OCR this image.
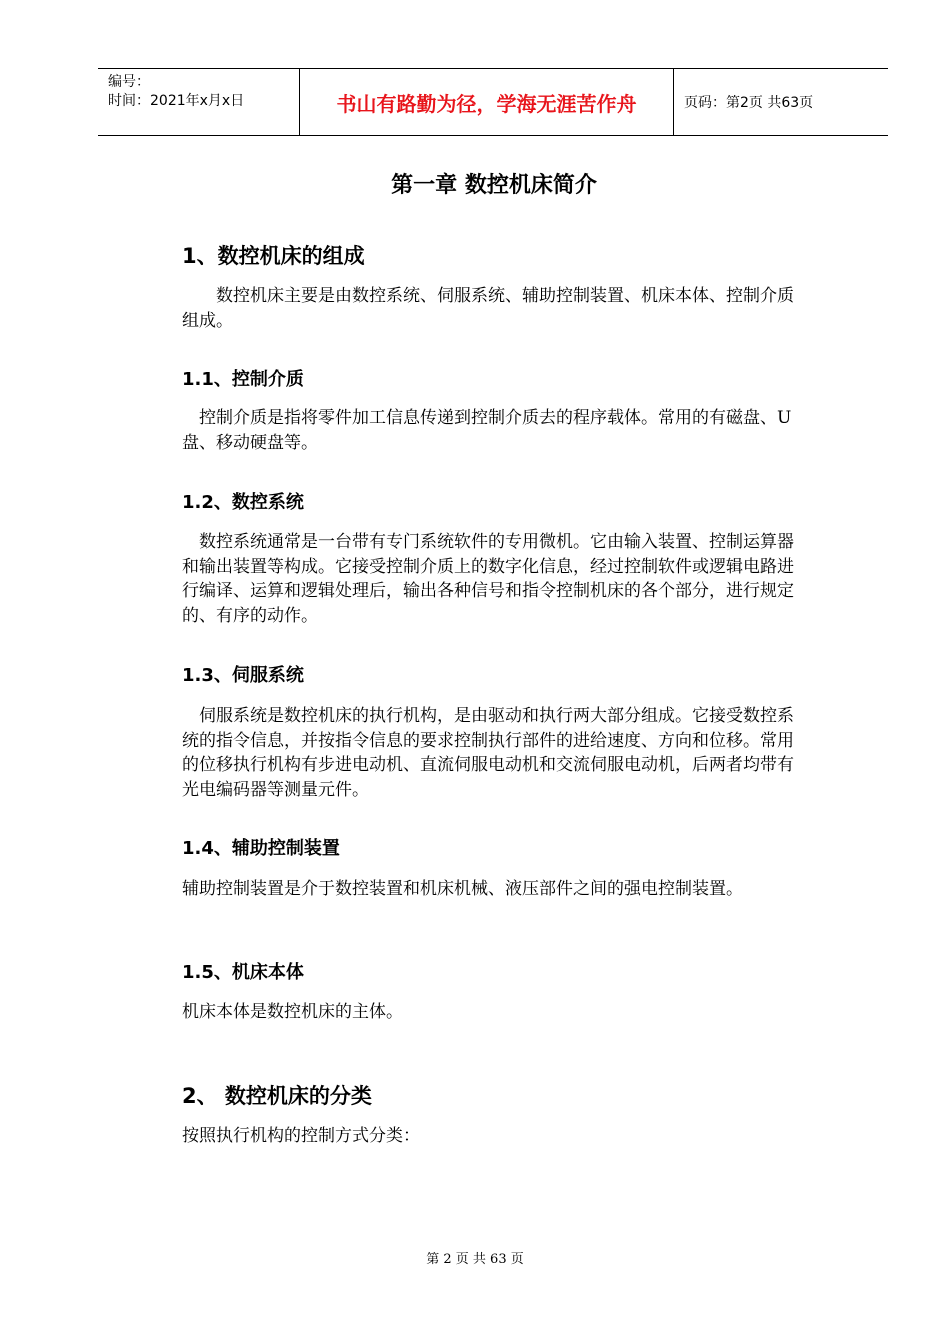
编号：
时间：2021年x月x日	书山有路勤为径，学海无涯苦作舟	页码：第2页 共63页
第一章 数控机床简介
1、数控机床的组成
　　数控机床主要是由数控系统、伺服系统、辅助控制装置、机床本体、控制介质组成。
1.1、控制介质
　控制介质是指将零件加工信息传递到控制介质去的程序载体。常用的有磁盘、U盘、移动硬盘等。
1.2、数控系统
　数控系统通常是一台带有专门系统软件的专用微机。它由输入装置、控制运算器和输出装置等构成。它接受控制介质上的数字化信息，经过控制软件或逻辑电路进行编译、运算和逻辑处理后，输出各种信号和指令控制机床的各个部分，进行规定的、有序的动作。
1.3、伺服系统
　伺服系统是数控机床的执行机构，是由驱动和执行两大部分组成。它接受数控系统的指令信息，并按指令信息的要求控制执行部件的进给速度、方向和位移。常用的位移执行机构有步进电动机、直流伺服电动机和交流伺服电动机，后两者均带有光电编码器等测量元件。
1.4、辅助控制装置
辅助控制装置是介于数控装置和机床机械、液压部件之间的强电控制装置。
1.5、机床本体
机床本体是数控机床的主体。
2、 数控机床的分类
按照执行机构的控制方式分类：
第 2 页 共 63 页
